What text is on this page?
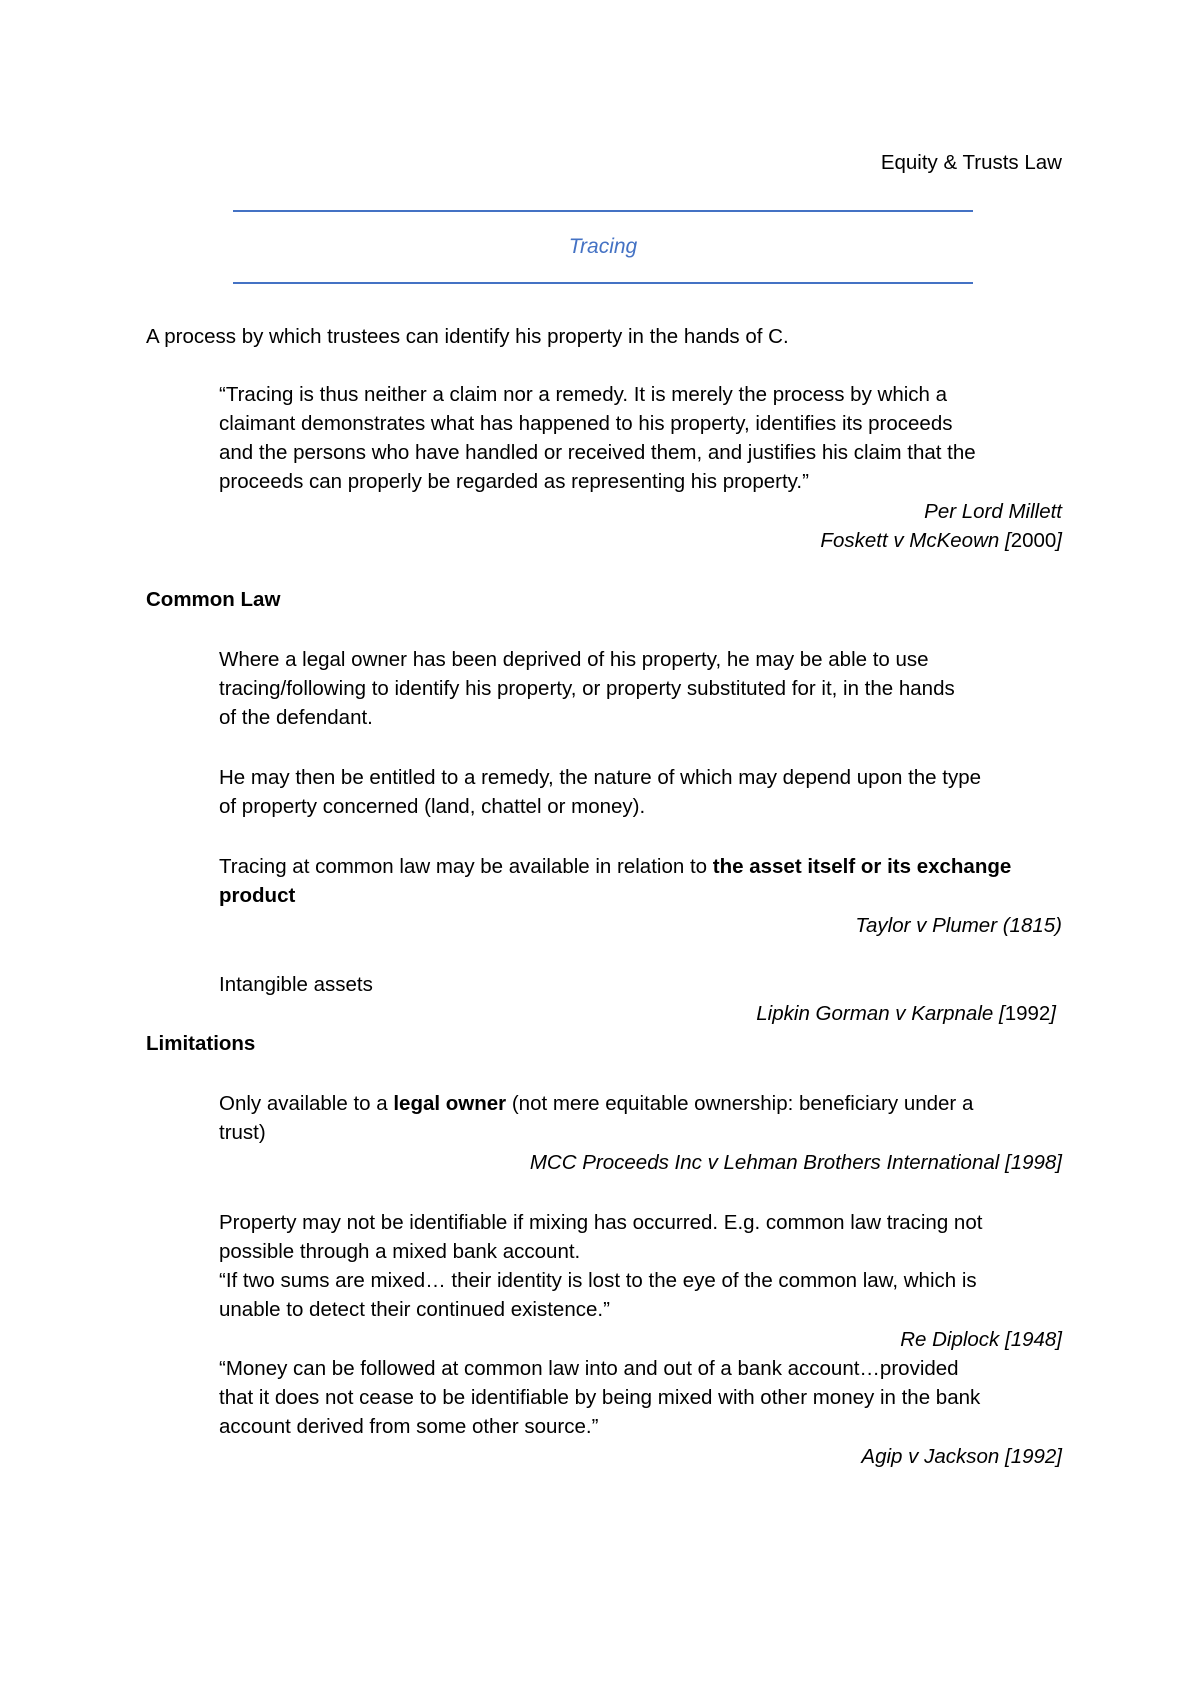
Equity & Trusts Law
Tracing
A process by which trustees can identify his property in the hands of C.
“Tracing is thus neither a claim nor a remedy. It is merely the process by which a
claimant demonstrates what has happened to his property, identifies its proceeds
and the persons who have handled or received them, and justifies his claim that the
proceeds can properly be regarded as representing his property.”
Per Lord Millett
Foskett v McKeown [2000]
Common Law
Where a legal owner has been deprived of his property, he may be able to use
tracing/following to identify his property, or property substituted for it, in the hands
of the defendant.
He may then be entitled to a remedy, the nature of which may depend upon the type
of property concerned (land, chattel or money).
Tracing at common law may be available in relation to the asset itself or its exchange
product
Taylor v Plumer (1815)
Intangible assets
Lipkin Gorman v Karpnale [1992]
Limitations
Only available to a legal owner (not mere equitable ownership: beneficiary under a
trust)
MCC Proceeds Inc v Lehman Brothers International [1998]
Property may not be identifiable if mixing has occurred. E.g. common law tracing not
possible through a mixed bank account.
“If two sums are mixed… their identity is lost to the eye of the common law, which is
unable to detect their continued existence.”
Re Diplock [1948]
“Money can be followed at common law into and out of a bank account…provided
that it does not cease to be identifiable by being mixed with other money in the bank
account derived from some other source.”
Agip v Jackson [1992]
